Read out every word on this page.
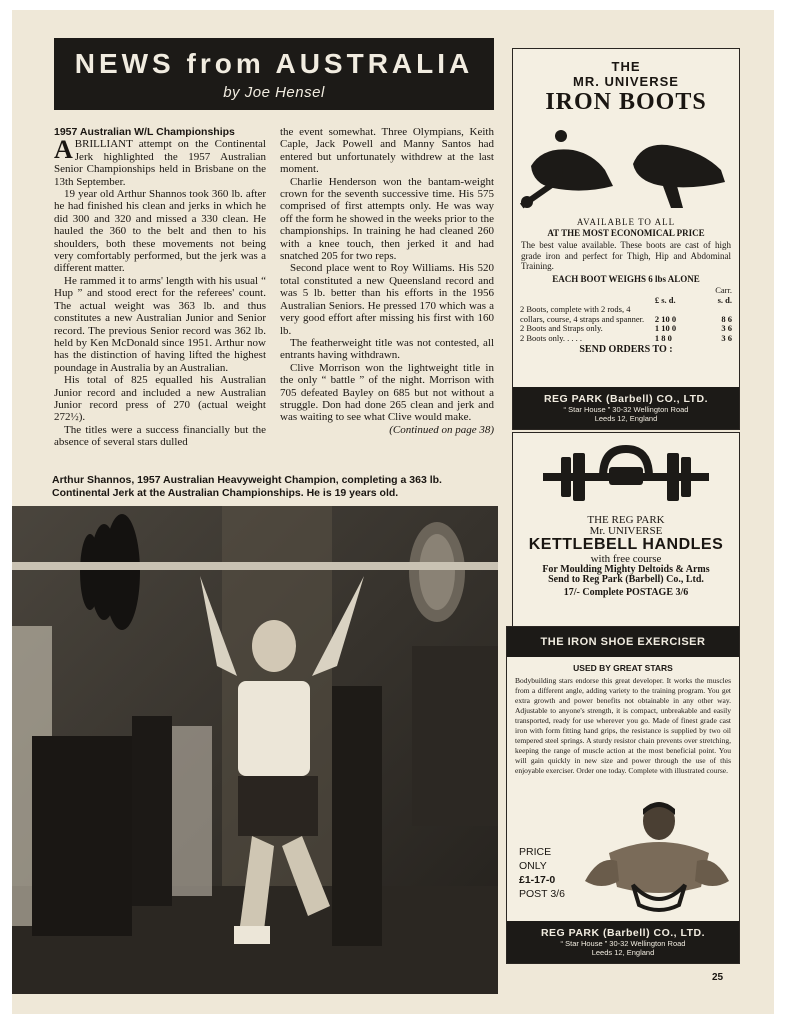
NEWS from AUSTRALIA
by Joe Hensel

1957 Australian W/L Championships

ABRILLIANT attempt on the Continental Jerk highlighted the 1957 Australian Senior Championships held in Brisbane on the 13th September.

19 year old Arthur Shannos took 360 lb. after he had finished his clean and jerks in which he did 300 and 320 and missed a 330 clean. He hauled the 360 to the belt and then to his shoulders, both these movements not being very comfortably performed, but the jerk was a different matter.

He rammed it to arms' length with his usual “ Hup ” and stood erect for the referees' count. The actual weight was 363 lb. and thus constitutes a new Australian Junior and Senior record. The previous Senior record was 362 lb. held by Ken McDonald since 1951. Arthur now has the distinction of having lifted the highest poundage in Australia by an Australian.

His total of 825 equalled his Australian Junior record and included a new Australian Junior record press of 270 (actual weight 272½).

The titles were a success financially but the absence of several stars dulled

the event somewhat. Three Olympians, Keith Caple, Jack Powell and Manny Santos had entered but unfortunately withdrew at the last moment.

Charlie Henderson won the bantam-weight crown for the seventh successive time. His 575 comprised of first attempts only. He was way off the form he showed in the weeks prior to the championships. In training he had cleaned 260 with a knee touch, then jerked it and had snatched 205 for two reps.

Second place went to Roy Williams. His 520 total constituted a new Queensland record and was 5 lb. better than his efforts in the 1956 Australian Seniors. He pressed 170 which was a very good effort after missing his first with 160 lb.

The featherweight title was not contested, all entrants having withdrawn.

Clive Morrison won the lightweight title in the only “ battle ” of the night. Morrison with 705 defeated Bayley on 685 but not without a struggle. Don had done 265 clean and jerk and was waiting to see what Clive would make.

(Continued on page 38)

Arthur Shannos, 1957 Australian Heavyweight Champion, completing a 363 lb. Continental Jerk at the Australian Championships. He is 19 years old.
THE
MR. UNIVERSE
IRON BOOTS
AVAILABLE TO ALL
AT THE MOST ECONOMICAL PRICE
The best value available. These boots are cast of high grade iron and perfect for Thigh, Hip and Abdominal Training.
EACH BOOT WEIGHS 6 lbs ALONE
		Carr.
	£ s. d.	s. d.
2 Boots, complete with 2 rods, 4 collars, course, 4 straps and spanner.	2 10 0	8 6
2 Boots and Straps only.	1 10 0	3 6
2 Boots only. . . . .	1 8 0	3 6
SEND ORDERS TO :
REG PARK (Barbell) CO., LTD.
“ Star House ” 30-32 Wellington Road
Leeds 12, England
THE REG PARK
Mr. UNIVERSE
KETTLEBELL HANDLES
with free course
For Moulding Mighty Deltoids & Arms
Send to Reg Park (Barbell) Co., Ltd.
17/- Complete POSTAGE 3/6
THE IRON SHOE EXERCISER
USED BY GREAT STARS
Bodybuilding stars endorse this great developer. It works the muscles from a different angle, adding variety to the training program. You get extra growth and power benefits not obtainable in any other way. Adjustable to anyone's strength, it is compact, unbreakable and easily transported, ready for use wherever you go. Made of finest grade cast iron with form fitting hand grips, the resistance is supplied by two oil tempered steel springs. A sturdy resistor chain prevents over stretching, keeping the range of muscle action at the most beneficial point. You will gain quickly in new size and power through the use of this enjoyable exerciser. Order one today. Complete with illustrated course.
PRICE
ONLY
£1-17-0
POST 3/6
REG PARK (Barbell) CO., LTD.
“ Star House ” 30-32 Wellington Road
Leeds 12, England
25
